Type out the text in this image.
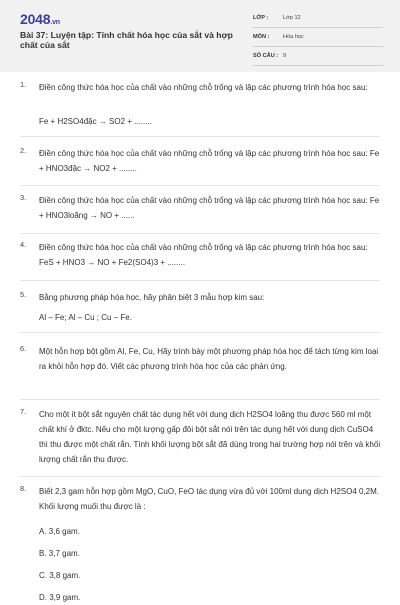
2048.vn
Bài 37: Luyện tập: Tính chất hóa học của sắt và hợp chất của sắt
LỚP :	Lớp 12
MÔN : Hóa học
SỐ CÂU : 9
1. Điền công thức hóa học của chất vào những chỗ trống và lập các phương trình hóa học sau:
Fe + H2SO4đặc → SO2 + ........
2. Điền công thức hóa học của chất vào những chỗ trống và lập các phương trình hóa học sau: Fe + HNO3đặc → NO2 + ........
3. Điền công thức hóa học của chất vào những chỗ trống và lập các phương trình hóa học sau: Fe + HNO3loãng → NO + ......
4. Điền công thức hóa học của chất vào những chỗ trống và lập các phương trình hóa học sau: FeS + HNO3 → NO + Fe2(SO4)3 + ........
5. Bằng phương pháp hóa học, hãy phân biệt 3 mẫu hợp kim sau:
Al – Fe; Al – Cu ; Cu – Fe.
6. Một hỗn hợp bột gồm Al, Fe, Cu, Hãy trình bày một phương pháp hóa học để tách từng kim loại ra khỏi hỗn hợp đó. Viết các phương trình hóa học của các phản ứng.
7. Cho một ít bột sắt nguyên chất tác dụng hết với dung dịch H2SO4 loãng thu được 560 ml một chất khí ở đktc. Nếu cho một lượng gấp đôi bột sắt nói trên tác dụng hết với dung dịch CuSO4 thì thu được một chất rắn. Tính khối lượng bột sắt đã dùng trong hai trường hợp nói trên và khối lượng chất rắn thu được.
8. Biết 2,3 gam hỗn hợp gồm MgO, CuO, FeO tác dụng vừa đủ với 100ml dung dịch H2SO4 0,2M. Khối lượng muối thu được là :
A. 3,6 gam.
B. 3,7 gam.
C. 3,8 gam.
D. 3,9 gam.
